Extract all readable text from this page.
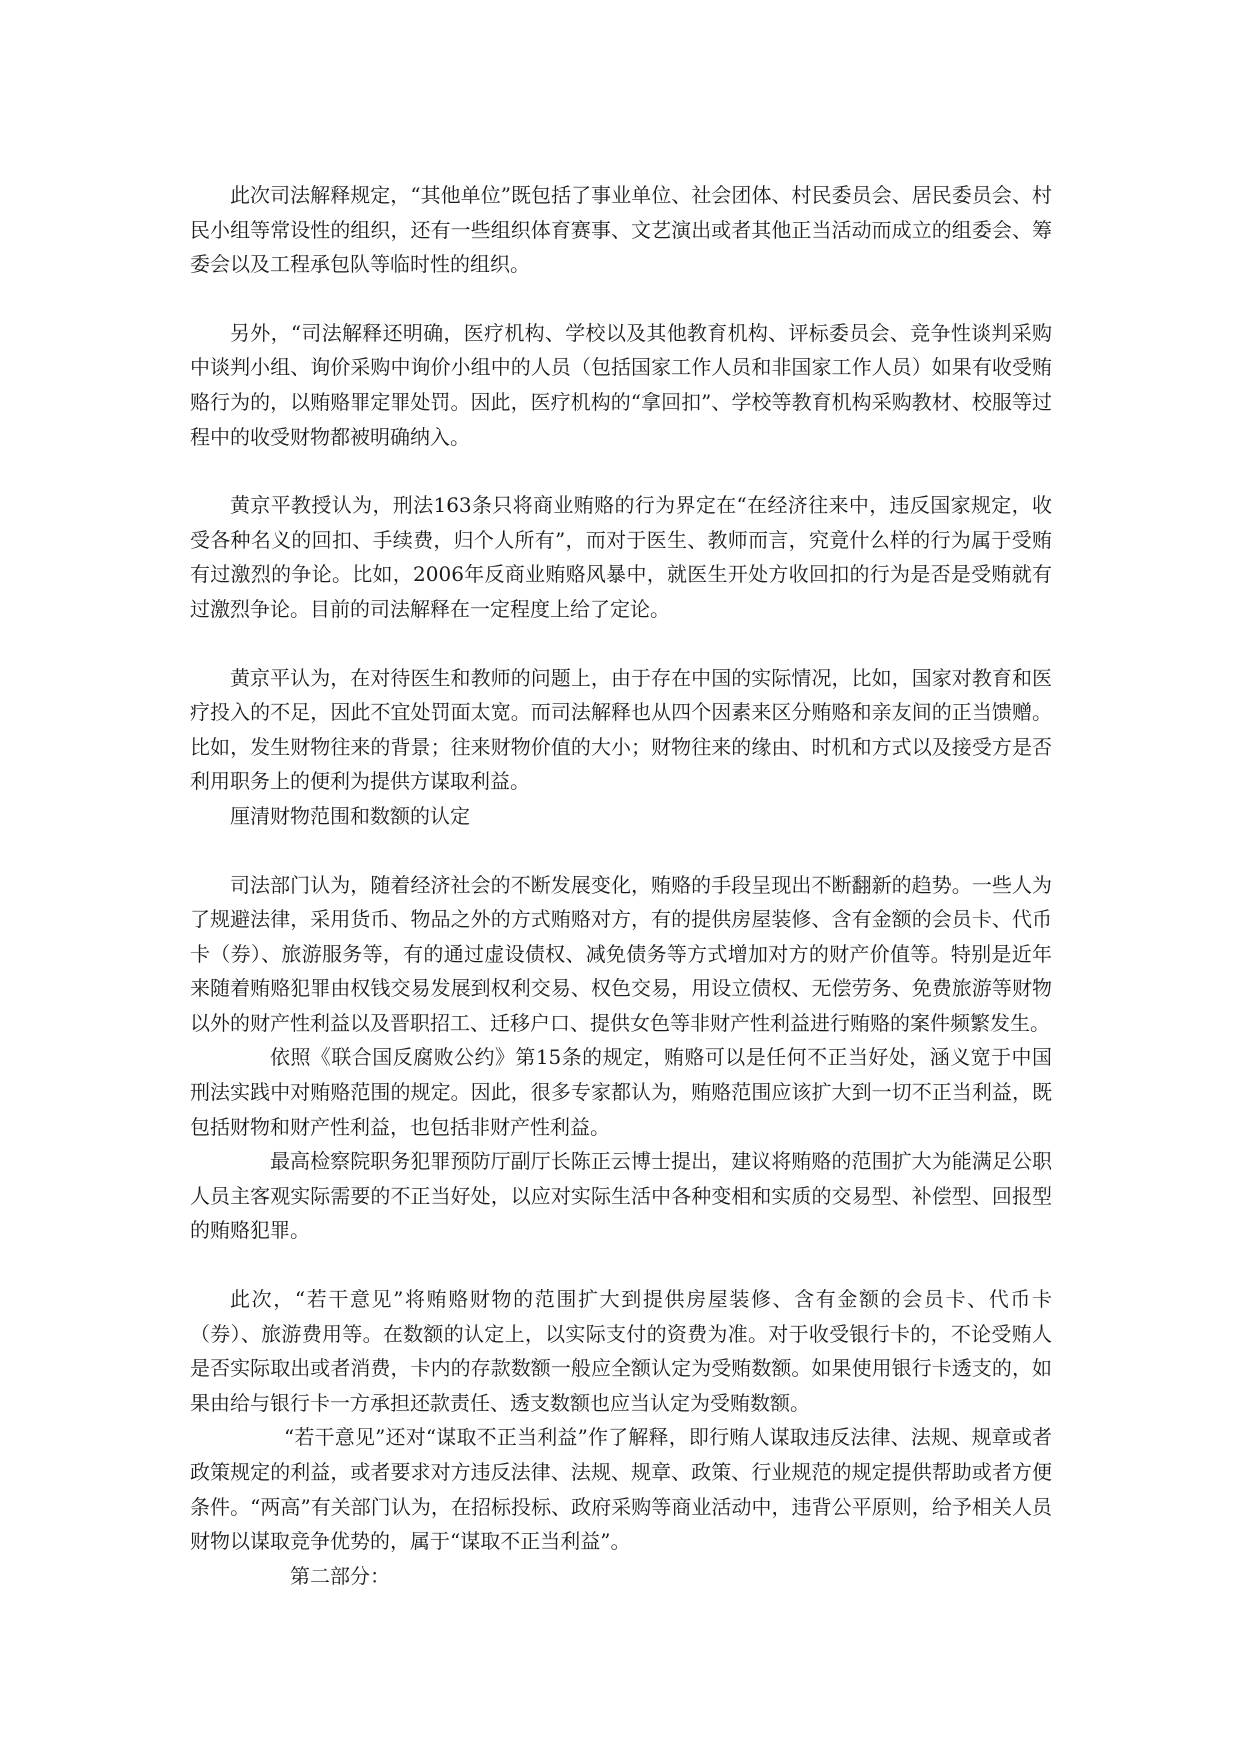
此次司法解释规定，“其他单位”既包括了事业单位、社会团体、村民委员会、居民委员会、村民小组等常设性的组织，还有一些组织体育赛事、文艺演出或者其他正当活动而成立的组委会、筹委会以及工程承包队等临时性的组织。

另外，“司法解释还明确，医疗机构、学校以及其他教育机构、评标委员会、竞争性谈判采购中谈判小组、询价采购中询价小组中的人员（包括国家工作人员和非国家工作人员）如果有收受贿赂行为的，以贿赂罪定罪处罚。因此，医疗机构的“拿回扣”、学校等教育机构采购教材、校服等过程中的收受财物都被明确纳入。

黄京平教授认为，刑法163条只将商业贿赂的行为界定在“在经济往来中，违反国家规定，收受各种名义的回扣、手续费，归个人所有”，而对于医生、教师而言，究竟什么样的行为属于受贿有过激烈的争论。比如，2006年反商业贿赂风暴中，就医生开处方收回扣的行为是否是受贿就有过激烈争论。目前的司法解释在一定程度上给了定论。

黄京平认为，在对待医生和教师的问题上，由于存在中国的实际情况，比如，国家对教育和医疗投入的不足，因此不宜处罚面太宽。而司法解释也从四个因素来区分贿赂和亲友间的正当馈赠。比如，发生财物往来的背景；往来财物价值的大小；财物往来的缘由、时机和方式以及接受方是否利用职务上的便利为提供方谋取利益。

厘清财物范围和数额的认定

司法部门认为，随着经济社会的不断发展变化，贿赂的手段呈现出不断翻新的趋势。一些人为了规避法律，采用货币、物品之外的方式贿赂对方，有的提供房屋装修、含有金额的会员卡、代币卡（券）、旅游服务等，有的通过虚设债权、减免债务等方式增加对方的财产价值等。特别是近年来随着贿赂犯罪由权钱交易发展到权利交易、权色交易，用设立债权、无偿劳务、免费旅游等财物以外的财产性利益以及晋职招工、迁移户口、提供女色等非财产性利益进行贿赂的案件频繁发生。

依照《联合国反腐败公约》第15条的规定，贿赂可以是任何不正当好处，涵义宽于中国刑法实践中对贿赂范围的规定。因此，很多专家都认为，贿赂范围应该扩大到一切不正当利益，既包括财物和财产性利益，也包括非财产性利益。

最高检察院职务犯罪预防厅副厅长陈正云博士提出，建议将贿赂的范围扩大为能满足公职人员主客观实际需要的不正当好处，以应对实际生活中各种变相和实质的交易型、补偿型、回报型的贿赂犯罪。

此次，“若干意见”将贿赂财物的范围扩大到提供房屋装修、含有金额的会员卡、代币卡（券）、旅游费用等。在数额的认定上，以实际支付的资费为准。对于收受银行卡的，不论受贿人是否实际取出或者消费，卡内的存款数额一般应全额认定为受贿数额。如果使用银行卡透支的，如果由给与银行卡一方承担还款责任、透支数额也应当认定为受贿数额。

“若干意见”还对“谋取不正当利益”作了解释，即行贿人谋取违反法律、法规、规章或者政策规定的利益，或者要求对方违反法律、法规、规章、政策、行业规范的规定提供帮助或者方便条件。“两高”有关部门认为，在招标投标、政府采购等商业活动中，违背公平原则，给予相关人员财物以谋取竞争优势的，属于“谋取不正当利益”。

第二部分：
